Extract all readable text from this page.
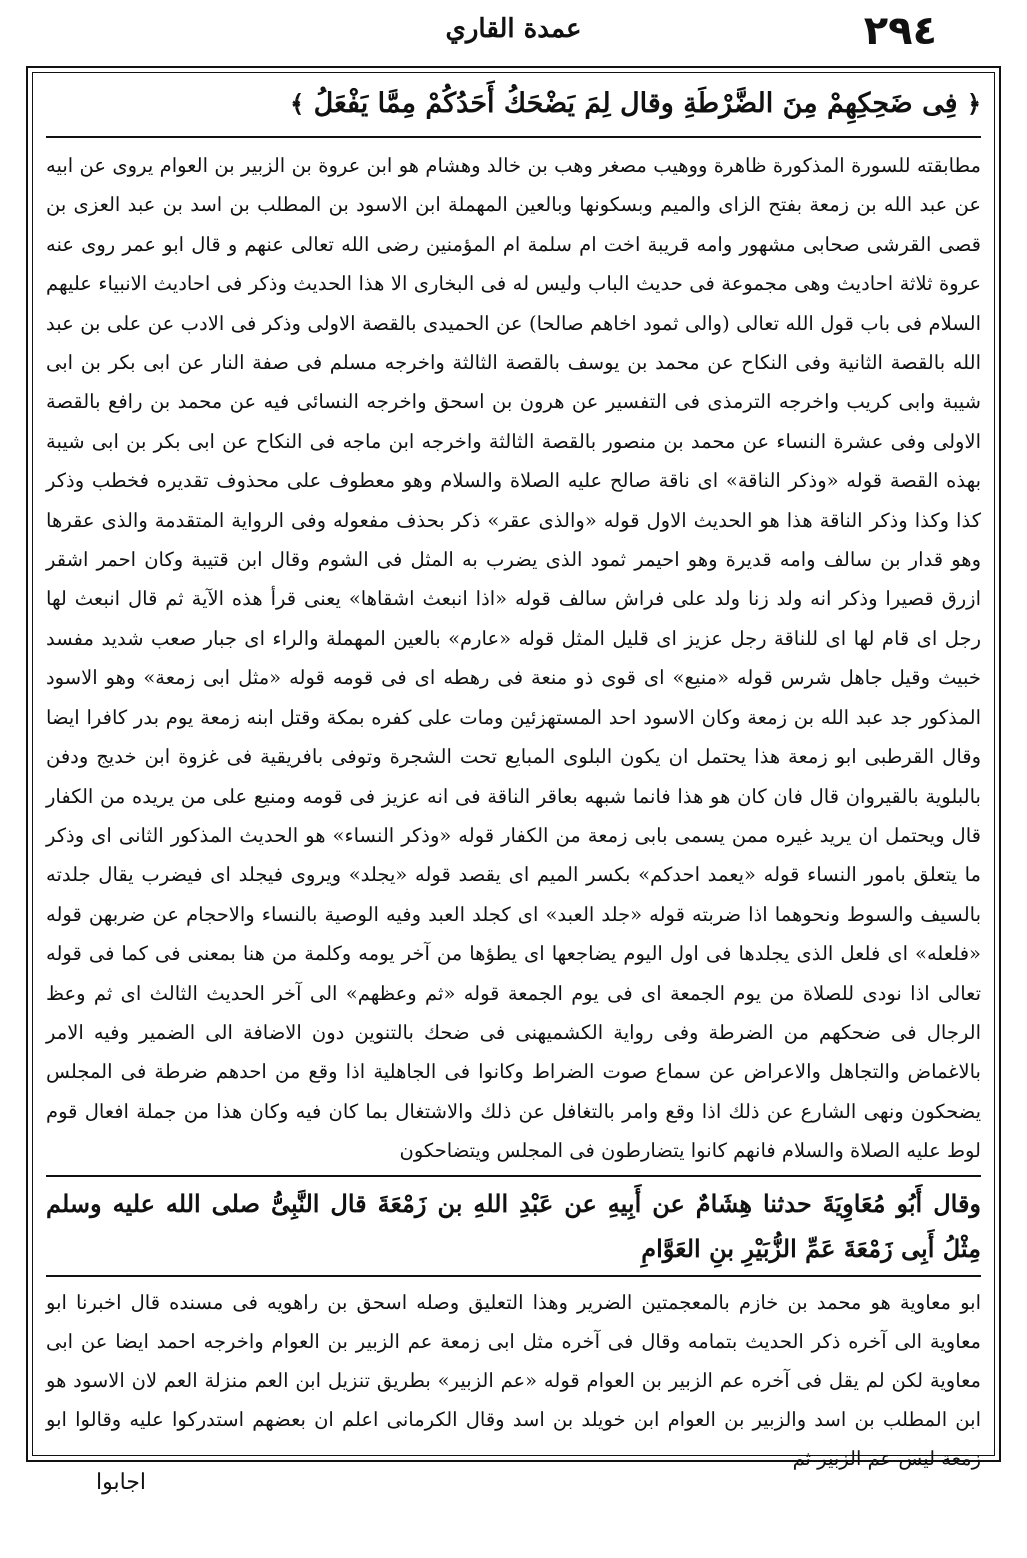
٢٩٤
عمدة القاري
﴿ فِى ضَحِكِهِمْ مِنَ الضَّرْطَةِ وقال لِمَ يَضْحَكُ أَحَدُكُمْ مِمَّا يَفْعَلُ ﴾

مطابقته للسورة المذكورة ظاهرة ووهيب مصغر وهب بن خالد وهشام هو ابن عروة بن الزبير بن العوام يروى عن ابيه عن عبد الله بن زمعة بفتح الزاى والميم وبسكونها وبالعين المهملة ابن الاسود بن المطلب بن اسد بن عبد العزى بن قصى القرشى صحابى مشهور وامه قريبة اخت ام سلمة ام المؤمنين رضى الله تعالى عنهم و قال ابو عمر روى عنه عروة ثلاثة احاديث وهى مجموعة فى حديث الباب وليس له فى البخارى الا هذا الحديث وذكر فى احاديث الانبياء عليهم السلام فى باب قول الله تعالى (والى ثمود اخاهم صالحا) عن الحميدى بالقصة الاولى وذكر فى الادب عن على بن عبد الله بالقصة الثانية وفى النكاح عن محمد بن يوسف بالقصة الثالثة واخرجه مسلم فى صفة النار عن ابى بكر بن ابى شيبة وابى كريب واخرجه الترمذى فى التفسير عن هرون بن اسحق واخرجه النسائى فيه عن محمد بن رافع بالقصة الاولى وفى عشرة النساء عن محمد بن منصور بالقصة الثالثة واخرجه ابن ماجه فى النكاح عن ابى بكر بن ابى شيبة بهذه القصة قوله «وذكر الناقة» اى ناقة صالح عليه الصلاة والسلام وهو معطوف على محذوف تقديره فخطب وذكر كذا وكذا وذكر الناقة هذا هو الحديث الاول قوله «والذى عقر» ذكر بحذف مفعوله وفى الرواية المتقدمة والذى عقرها وهو قدار بن سالف وامه قديرة وهو احيمر ثمود الذى يضرب به المثل فى الشوم وقال ابن قتيبة وكان احمر اشقر ازرق قصيرا وذكر انه ولد زنا ولد على فراش سالف قوله «اذا انبعث اشقاها» يعنى قرأ هذه الآية ثم قال انبعث لها رجل اى قام لها اى للناقة رجل عزيز اى قليل المثل قوله «عارم» بالعين المهملة والراء اى جبار صعب شديد مفسد خبيث وقيل جاهل شرس قوله «منيع» اى قوى ذو منعة فى رهطه اى فى قومه قوله «مثل ابى زمعة» وهو الاسود المذكور جد عبد الله بن زمعة وكان الاسود احد المستهزئين ومات على كفره بمكة وقتل ابنه زمعة يوم بدر كافرا ايضا وقال القرطبى ابو زمعة هذا يحتمل ان يكون البلوى المبايع تحت الشجرة وتوفى بافريقية فى غزوة ابن خديج ودفن بالبلوية بالقيروان قال فان كان هو هذا فانما شبهه بعاقر الناقة فى انه عزيز فى قومه ومنيع على من يريده من الكفار قال ويحتمل ان يريد غيره ممن يسمى بابى زمعة من الكفار قوله «وذكر النساء» هو الحديث المذكور الثانى اى وذكر ما يتعلق بامور النساء قوله «يعمد احدكم» بكسر الميم اى يقصد قوله «يجلد» ويروى فيجلد اى فيضرب يقال جلدته بالسيف والسوط ونحوهما اذا ضربته قوله «جلد العبد» اى كجلد العبد وفيه الوصية بالنساء والاحجام عن ضربهن قوله «فلعله» اى فلعل الذى يجلدها فى اول اليوم يضاجعها اى يطؤها من آخر يومه وكلمة من هنا بمعنى فى كما فى قوله تعالى اذا نودى للصلاة من يوم الجمعة اى فى يوم الجمعة قوله «ثم وعظهم» الى آخر الحديث الثالث اى ثم وعظ الرجال فى ضحكهم من الضرطة وفى رواية الكشميهنى فى ضحك بالتنوين دون الاضافة الى الضمير وفيه الامر بالاغماض والتجاهل والاعراض عن سماع صوت الضراط وكانوا فى الجاهلية اذا وقع من احدهم ضرطة فى المجلس يضحكون ونهى الشارع عن ذلك اذا وقع وامر بالتغافل عن ذلك والاشتغال بما كان فيه وكان هذا من جملة افعال قوم لوط عليه الصلاة والسلام فانهم كانوا يتضارطون فى المجلس ويتضاحكون

وقال أَبُو مُعَاوِيَةَ حدثنا هِشَامٌ عن أَبِيهِ عن عَبْدِ اللهِ بن زَمْعَةَ قال النَّبِىُّ صلى الله عليه وسلم مِثْلُ أَبِى زَمْعَةَ عَمِّ الزُّبَيْرِ بنِ العَوَّامِ

ابو معاوية هو محمد بن خازم بالمعجمتين الضرير وهذا التعليق وصله اسحق بن راهويه فى مسنده قال اخبرنا ابو معاوية الى آخره ذكر الحديث بتمامه وقال فى آخره مثل ابى زمعة عم الزبير بن العوام واخرجه احمد ايضا عن ابى معاوية لكن لم يقل فى آخره عم الزبير بن العوام قوله «عم الزبير» بطريق تنزيل ابن العم منزلة العم لان الاسود هو ابن المطلب بن اسد والزبير بن العوام ابن خويلد بن اسد وقال الكرمانى اعلم ان بعضهم استدركوا عليه وقالوا ابو زمعة ليس عم الزبير ثم

اجابوا
